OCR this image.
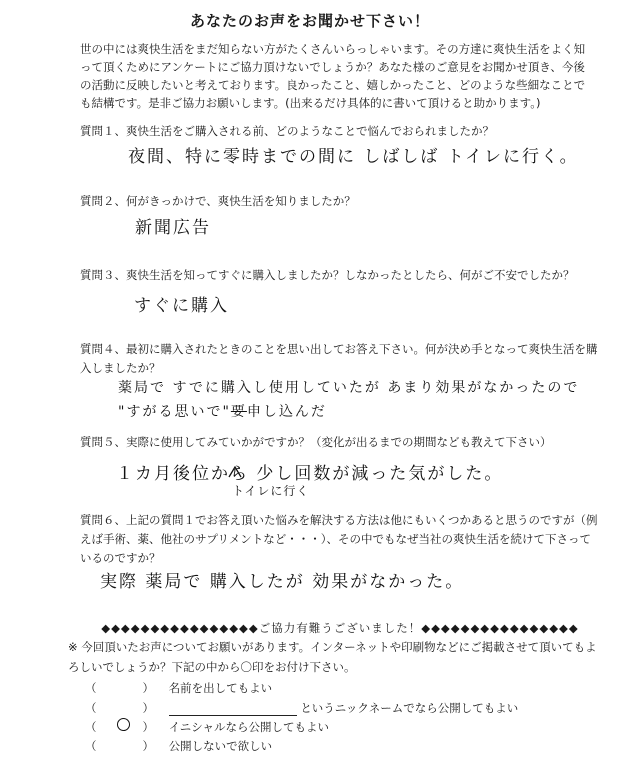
あなたのお声をお聞かせ下さい！
世の中には爽快生活をまだ知らない方がたくさんいらっしゃいます。その方達に爽快生活をよく知って頂くためにアンケートにご協力頂けないでしょうか？あなた様のご意見をお聞かせ頂き、今後の活動に反映したいと考えております。良かったこと、嬉しかったこと、どのような些細なことでも結構です。是非ご協力お願いします。(出来るだけ具体的に書いて頂けると助かります。)
質問１、爽快生活をご購入される前、どのようなことで悩んでおられましたか？
夜間、特に零時までの間に しばしば トイレに行く。
質問２、何がきっかけで、爽快生活を知りましたか？
新聞広告
質問３、爽快生活を知ってすぐに購入しましたか？しなかったとしたら、何がご不安でしたか？
すぐに購入
質問４、最初に購入されたときのことを思い出してお答え下さい。何が決め手となって爽快生活を購入しましたか？
薬局で すでに購入し使用していたが あまり効果がなかったので
"すがる思いで"要申し込んだ
質問５、実際に使用してみていかがですか？（変化が出るまでの期間なども教えて下さい）
１カ月後位から 少し回数が減った気がした。
トイレに行く
質問６、上記の質問１でお答え頂いた悩みを解決する方法は他にもいくつかあると思うのですが（例えば手術、薬、他社のサプリメントなど・・・）、その中でもなぜ当社の爽快生活を続けて下さっているのですか？
実際 薬局で 購入したが 効果がなかった。
◆◆◆◆◆◆◆◆◆◆◆◆◆◆◆◆ご協力有難うございました！◆◆◆◆◆◆◆◆◆◆◆◆◆◆◆◆
※ 今回頂いたお声についてお願いがあります。インターネットや印刷物などにご掲載させて頂いてもよろしいでしょうか？下記の中から〇印をお付け下さい。
（　　　　） 名前を出してもよい
（　　　　）	というニックネームでなら公開してもよい
（　　　　） イニシャルなら公開してもよい
（　　　　） 公開しないで欲しい
